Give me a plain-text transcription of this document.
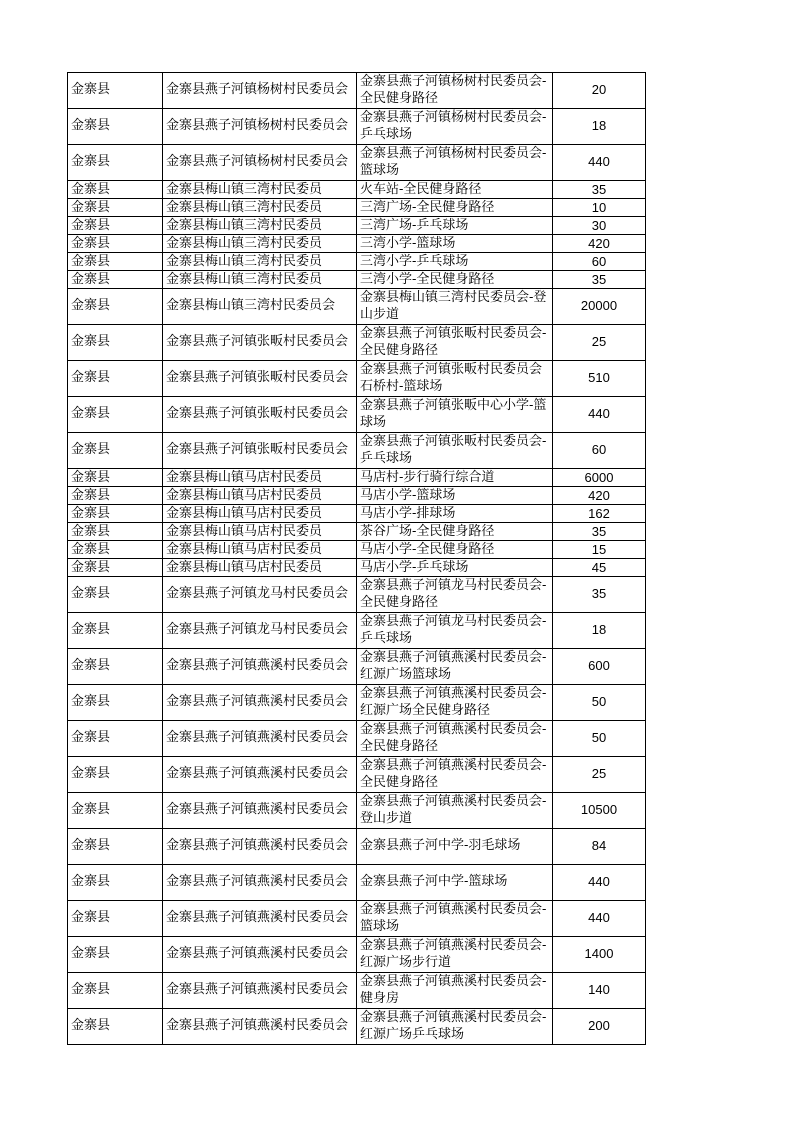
金寨县	金寨县燕子河镇杨树村民委员会	金寨县燕子河镇杨树村民委员会-全民健身路径	20
金寨县	金寨县燕子河镇杨树村民委员会	金寨县燕子河镇杨树村民委员会-乒乓球场	18
金寨县	金寨县燕子河镇杨树村民委员会	金寨县燕子河镇杨树村民委员会-篮球场	440
金寨县	金寨县梅山镇三湾村民委员	火车站-全民健身路径	35
金寨县	金寨县梅山镇三湾村民委员	三湾广场-全民健身路径	10
金寨县	金寨县梅山镇三湾村民委员	三湾广场-乒乓球场	30
金寨县	金寨县梅山镇三湾村民委员	三湾小学-篮球场	420
金寨县	金寨县梅山镇三湾村民委员	三湾小学-乒乓球场	60
金寨县	金寨县梅山镇三湾村民委员	三湾小学-全民健身路径	35
金寨县	金寨县梅山镇三湾村民委员会	金寨县梅山镇三湾村民委员会-登山步道	20000
金寨县	金寨县燕子河镇张畈村民委员会	金寨县燕子河镇张畈村民委员会-全民健身路径	25
金寨县	金寨县燕子河镇张畈村民委员会	金寨县燕子河镇张畈村民委员会石桥村-篮球场	510
金寨县	金寨县燕子河镇张畈村民委员会	金寨县燕子河镇张畈中心小学-篮球场	440
金寨县	金寨县燕子河镇张畈村民委员会	金寨县燕子河镇张畈村民委员会-乒乓球场	60
金寨县	金寨县梅山镇马店村民委员	马店村-步行骑行综合道	6000
金寨县	金寨县梅山镇马店村民委员	马店小学-篮球场	420
金寨县	金寨县梅山镇马店村民委员	马店小学-排球场	162
金寨县	金寨县梅山镇马店村民委员	茶谷广场-全民健身路径	35
金寨县	金寨县梅山镇马店村民委员	马店小学-全民健身路径	15
金寨县	金寨县梅山镇马店村民委员	马店小学-乒乓球场	45
金寨县	金寨县燕子河镇龙马村民委员会	金寨县燕子河镇龙马村民委员会-全民健身路径	35
金寨县	金寨县燕子河镇龙马村民委员会	金寨县燕子河镇龙马村民委员会-乒乓球场	18
金寨县	金寨县燕子河镇燕溪村民委员会	金寨县燕子河镇燕溪村民委员会-红源广场篮球场	600
金寨县	金寨县燕子河镇燕溪村民委员会	金寨县燕子河镇燕溪村民委员会-红源广场全民健身路径	50
金寨县	金寨县燕子河镇燕溪村民委员会	金寨县燕子河镇燕溪村民委员会-全民健身路径	50
金寨县	金寨县燕子河镇燕溪村民委员会	金寨县燕子河镇燕溪村民委员会-全民健身路径	25
金寨县	金寨县燕子河镇燕溪村民委员会	金寨县燕子河镇燕溪村民委员会-登山步道	10500
金寨县	金寨县燕子河镇燕溪村民委员会	金寨县燕子河中学-羽毛球场	84
金寨县	金寨县燕子河镇燕溪村民委员会	金寨县燕子河中学-篮球场	440
金寨县	金寨县燕子河镇燕溪村民委员会	金寨县燕子河镇燕溪村民委员会-篮球场	440
金寨县	金寨县燕子河镇燕溪村民委员会	金寨县燕子河镇燕溪村民委员会-红源广场步行道	1400
金寨县	金寨县燕子河镇燕溪村民委员会	金寨县燕子河镇燕溪村民委员会-健身房	140
金寨县	金寨县燕子河镇燕溪村民委员会	金寨县燕子河镇燕溪村民委员会-红源广场乒乓球场	200
